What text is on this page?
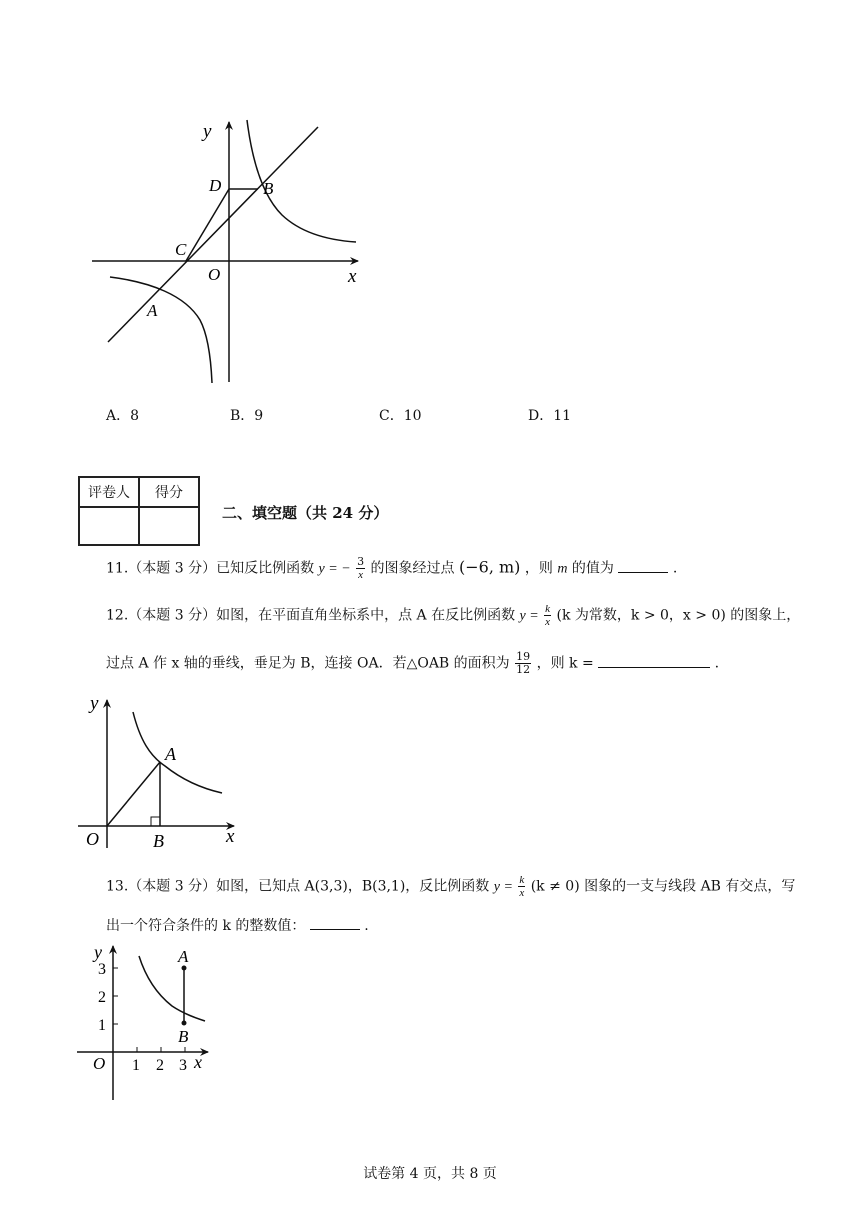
y
x
D B
C
O
A
A．8	B．9	C．10	D．11
评卷人	得分

二、填空题（共 24 分）
11.（本题 3 分）已知反比例函数 y = − $\frac{3}{x}$ 的图象经过点 (−6, m) ，则 m 的值为	.
12.（本题 3 分）如图，在平面直角坐标系中，点 A 在反比例函数 $y = \frac{k}{x} (k$ 为常数，k > 0，x > 0) 的图象上，
过点 A 作 x 轴的垂线，垂足为 B，连接 OA．若△OAB 的面积为 $\frac{19}{12}$ ，则 k =	.
y
A
O	B	x
13.（本题 3 分）如图，已知点 A(3,3)，B(3,1)，反比例函数 $y = \frac{k}{x} (k \ne 0)$ 图象的一支与线段 AB 有交点，写
出一个符合条件的 k 的整数值：	.
y
3
2
1
A
B
O 1 2 3 x
试卷第 4 页，共 8 页
